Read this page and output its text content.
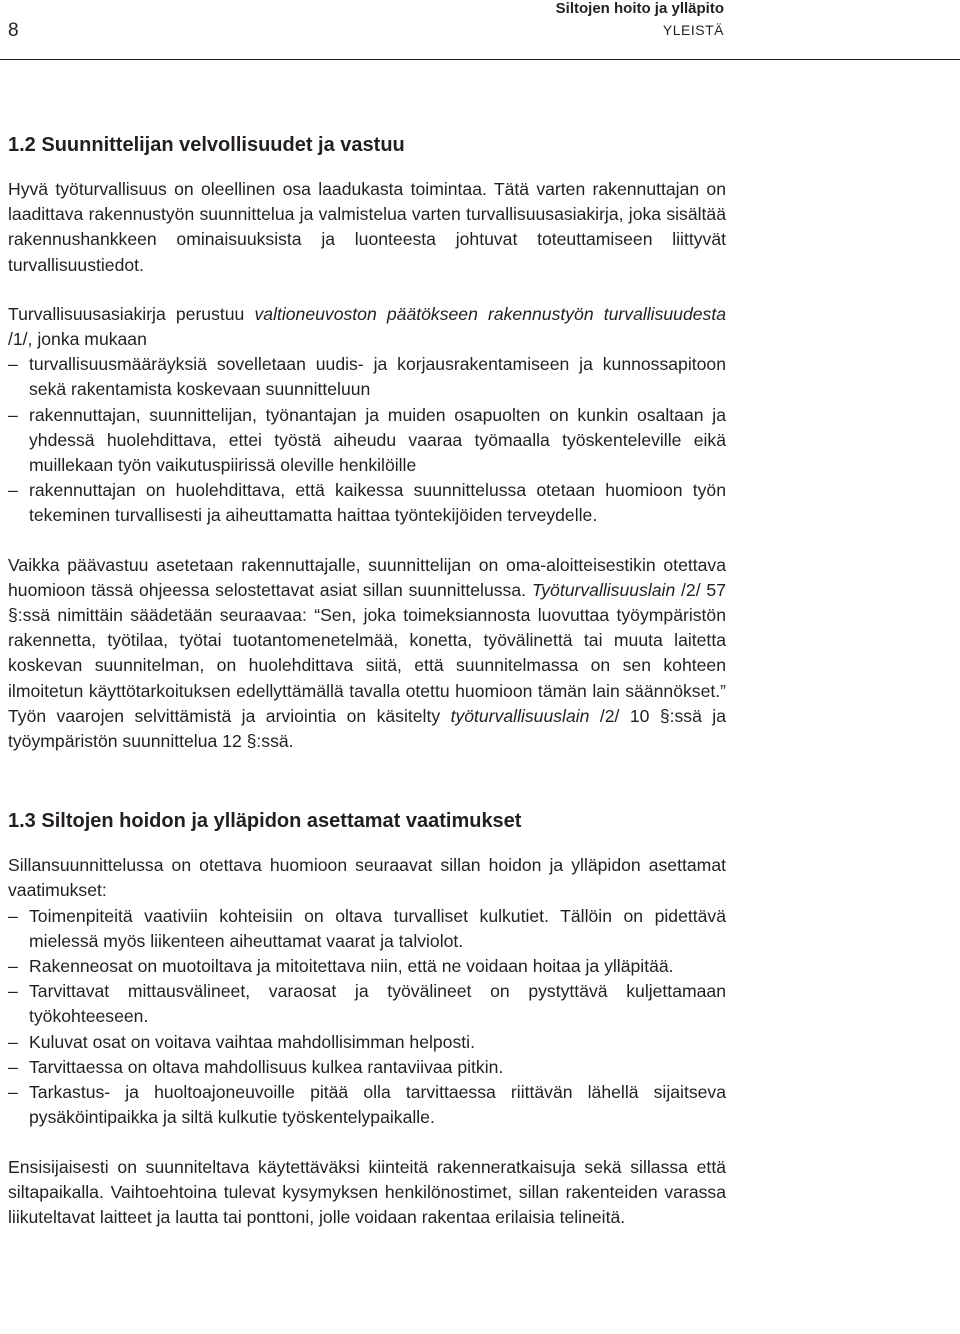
8
Siltojen hoito ja ylläpito
YLEISTÄ
1.2 Suunnittelijan velvollisuudet ja vastuu

Hyvä työturvallisuus on oleellinen osa laadukasta toimintaa. Tätä varten rakennuttajan on laadittava rakennustyön suunnittelua ja valmistelua varten turvallisuusasiakirja, joka sisältää rakennushankkeen ominaisuuksista ja luonteesta johtuvat toteuttamiseen liittyvät turvallisuustiedot.

Turvallisuusasiakirja perustuu valtioneuvoston päätökseen rakennustyön turvallisuudesta /1/, jonka mukaan

– turvallisuusmääräyksiä sovelletaan uudis- ja korjausrakentamiseen ja kunnossapitoon sekä rakentamista koskevaan suunnitteluun
– rakennuttajan, suunnittelijan, työnantajan ja muiden osapuolten on kunkin osaltaan ja yhdessä huolehdittava, ettei työstä aiheudu vaaraa työmaalla työskenteleville eikä muillekaan työn vaikutuspiirissä oleville henkilöille
– rakennuttajan on huolehdittava, että kaikessa suunnittelussa otetaan huomioon työn tekeminen turvallisesti ja aiheuttamatta haittaa työntekijöiden terveydelle.

Vaikka päävastuu asetetaan rakennuttajalle, suunnittelijan on oma-aloitteisestikin otettava huomioon tässä ohjeessa selostettavat asiat sillan suunnittelussa. Työturvallisuuslain /2/ 57 §:ssä nimittäin säädetään seuraavaa: “Sen, joka toimeksiannosta luovuttaa työympäristön rakennetta, työtilaa, työtai tuotantomenetelmää, konetta, työvälinettä tai muuta laitetta koskevan suunnitelman, on huolehdittava siitä, että suunnitelmassa on sen kohteen ilmoitetun käyttötarkoituksen edellyttämällä tavalla otettu huomioon tämän lain säännökset.” Työn vaarojen selvittämistä ja arviointia on käsitelty työturvallisuuslain /2/ 10 §:ssä ja työympäristön suunnittelua 12 §:ssä.

1.3 Siltojen hoidon ja ylläpidon asettamat vaatimukset

Sillansuunnittelussa on otettava huomioon seuraavat sillan hoidon ja ylläpidon asettamat vaatimukset:

– Toimenpiteitä vaativiin kohteisiin on oltava turvalliset kulkutiet. Tällöin on pidettävä mielessä myös liikenteen aiheuttamat vaarat ja talviolot.
– Rakenneosat on muotoiltava ja mitoitettava niin, että ne voidaan hoitaa ja ylläpitää.
– Tarvittavat mittausvälineet, varaosat ja työvälineet on pystyttävä kuljettamaan työkohteeseen.
– Kuluvat osat on voitava vaihtaa mahdollisimman helposti.
– Tarvittaessa on oltava mahdollisuus kulkea rantaviivaa pitkin.
– Tarkastus- ja huoltoajoneuvoille pitää olla tarvittaessa riittävän lähellä sijaitseva pysäköintipaikka ja siltä kulkutie työskentelypaikalle.

Ensisijaisesti on suunniteltava käytettäväksi kiinteitä rakenneratkaisuja sekä sillassa että siltapaikalla. Vaihtoehtoina tulevat kysymyksen henkilönostimet, sillan rakenteiden varassa liikuteltavat laitteet ja lautta tai ponttoni, jolle voidaan rakentaa erilaisia telineitä.
